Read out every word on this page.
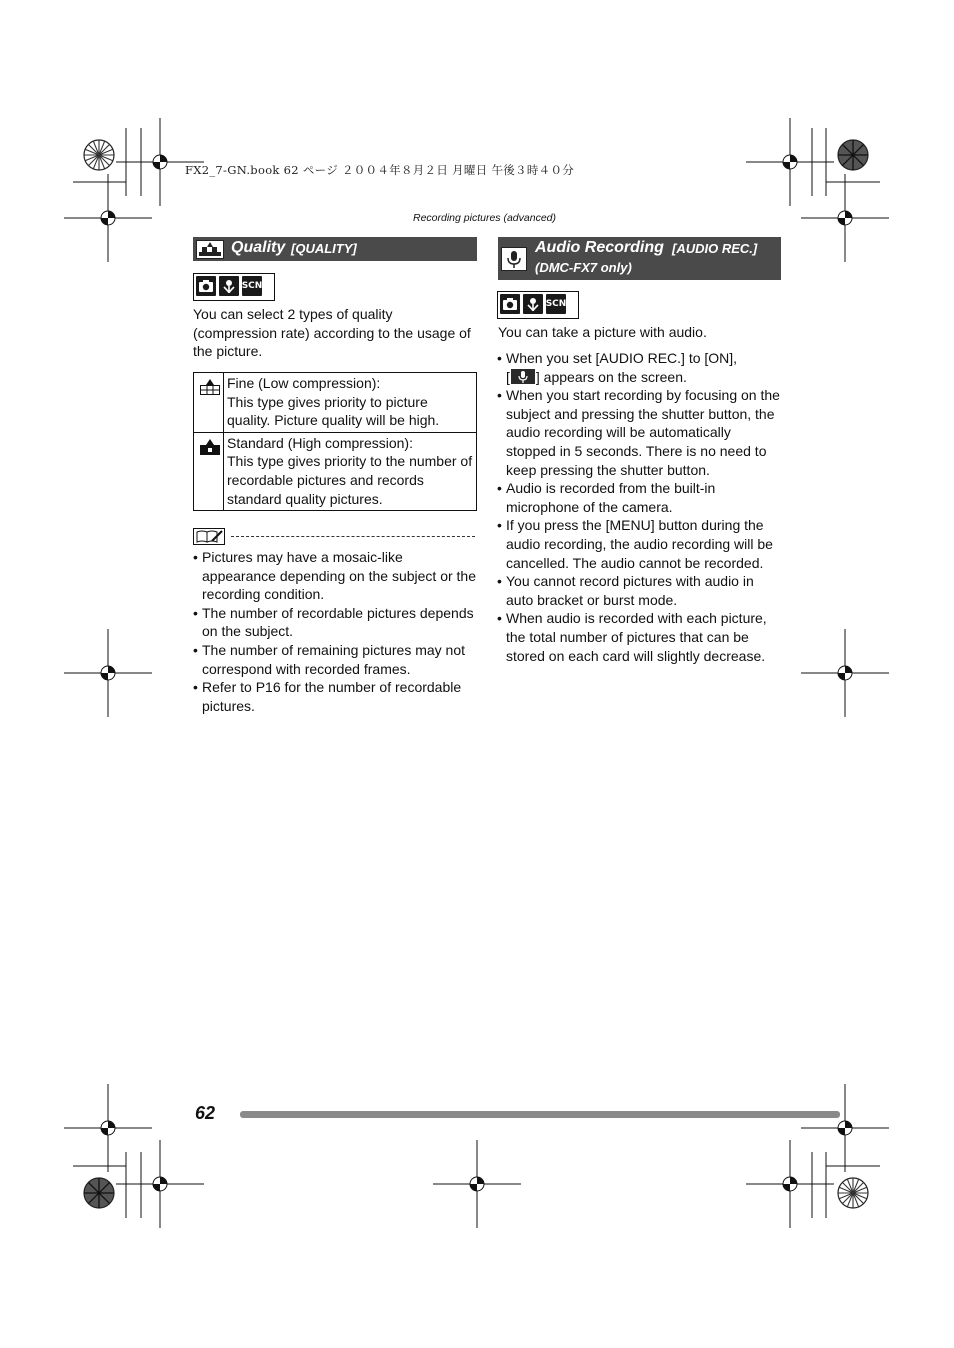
FX2_7-GN.book 62 ページ ２００４年８月２日 月曜日 午後３時４０分
Recording pictures (advanced)
Quality [QUALITY]
SCN

You can select 2 types of quality (compression rate) according to the usage of the picture.

Fine (Low compression):
This type gives priority to picture quality. Picture quality will be high.

Standard (High compression):
This type gives priority to the number of recordable pictures and records standard quality pictures.
• Pictures may have a mosaic-like appearance depending on the subject or the recording condition.
• The number of recordable pictures depends on the subject.
• The number of remaining pictures may not correspond with recorded frames.
• Refer to P16 for the number of recordable pictures.
Audio Recording [AUDIO REC.]
(DMC-FX7 only)
SCN

You can take a picture with audio.

• When you set [AUDIO REC.] to [ON],
[ ] appears on the screen.
• When you start recording by focusing on the subject and pressing the shutter button, the audio recording will be automatically stopped in 5 seconds. There is no need to keep pressing the shutter button.
• Audio is recorded from the built-in microphone of the camera.
• If you press the [MENU] button during the audio recording, the audio recording will be cancelled. The audio cannot be recorded.
• You cannot record pictures with audio in auto bracket or burst mode.
• When audio is recorded with each picture, the total number of pictures that can be stored on each card will slightly decrease.
62
